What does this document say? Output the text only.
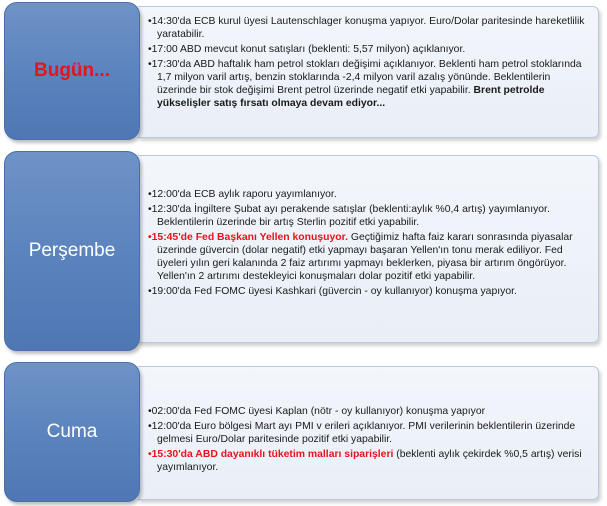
•14:30'da ECB kurul üyesi Lautenschlager konuşma yapıyor. Euro/Dolar paritesinde hareketlilik yaratabilir.
•17:00 ABD mevcut konut satışları (beklenti: 5,57 milyon) açıklanıyor.
•17:30'da ABD haftalık ham petrol stokları değişimi açıklanıyor. Beklenti ham petrol stoklarında 1,7 milyon varil artış, benzin stoklarında -2,4 milyon varil azalış yönünde. Beklentilerin üzerinde bir stok değişimi Brent petrol üzerinde negatif etki yapabilir. Brent petrolde yükselişler satış fırsatı olmaya devam ediyor...
Bugün...
•12:00'da ECB aylık raporu yayımlanıyor.
•12:30'da İngiltere Şubat ayı perakende satışlar (beklenti:aylık %0,4 artış) yayımlanıyor. Beklentilerin üzerinde bir artış Sterlin pozitif etki yapabilir.
•15:45'de Fed Başkanı Yellen konuşuyor. Geçtiğimiz hafta faiz kararı sonrasında piyasalar üzerinde güvercin (dolar negatif) etki yapmayı başaran Yellen'ın tonu merak ediliyor. Fed üyeleri yılın geri kalanında 2 faiz artırımı yapmayı beklerken, piyasa bir artırım öngörüyor. Yellen'ın 2 artırımı destekleyici konuşmaları dolar pozitif etki yapabilir.
•19:00'da Fed FOMC üyesi Kashkari (güvercin - oy kullanıyor) konuşma yapıyor.
Perşembe
•02:00'da Fed FOMC üyesi Kaplan (nötr - oy kullanıyor) konuşma yapıyor
•12:00'da Euro bölgesi Mart ayı PMI v erileri açıklanıyor. PMI verilerinin beklentilerin üzerinde gelmesi Euro/Dolar paritesinde pozitif etki yapabilir.
•15:30'da ABD dayanıklı tüketim malları siparişleri (beklenti aylık çekirdek %0,5 artış) verisi yayımlanıyor.
Cuma
